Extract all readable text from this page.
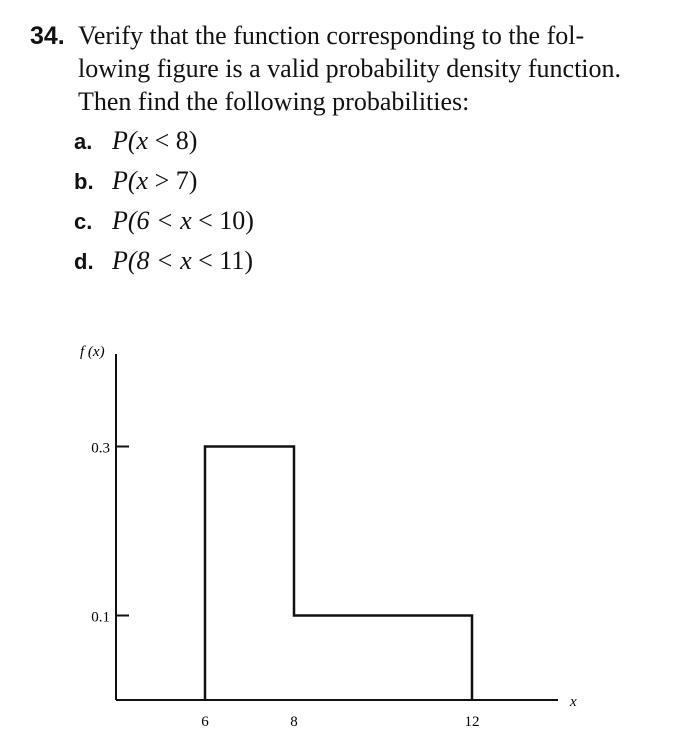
34. Verify that the function corresponding to the fol-
lowing figure is a valid probability density function.
Then find the following probabilities:
a. P(x < 8)
b. P(x > 7)
c. P(6 < x < 10)
d. P(8 < x < 11)
f (x)
x
0.3
0.1
6	8	12
